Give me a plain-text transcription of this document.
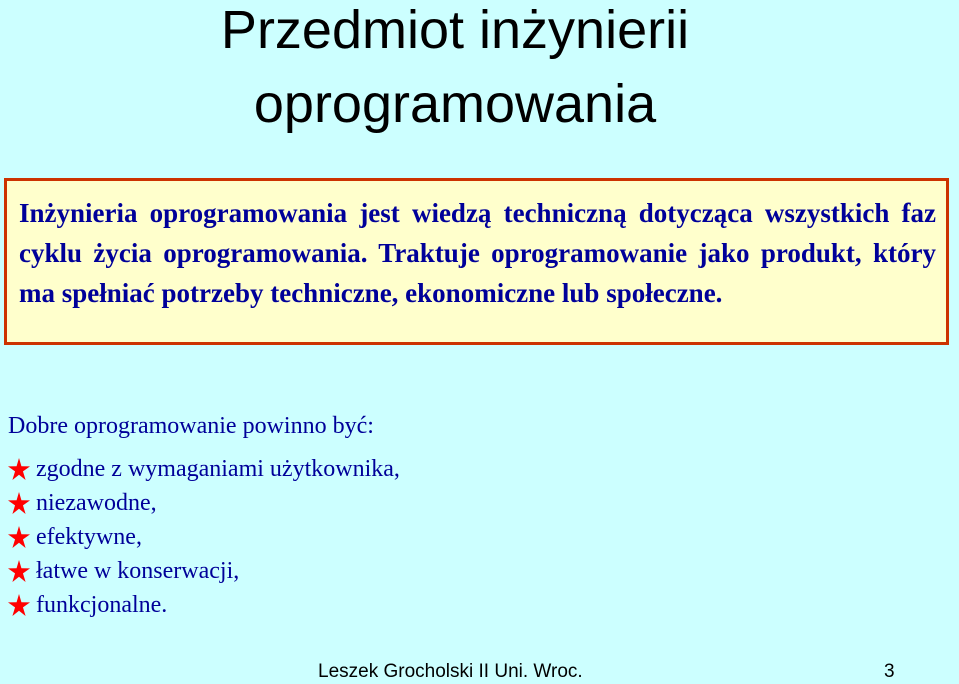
Przedmiot inżynierii
oprogramowania

Inżynieria oprogramowania jest wiedzą techniczną dotycząca wszystkich faz cyklu życia oprogramowania. Traktuje oprogramowanie jako produkt, który ma spełniać potrzeby techniczne, ekonomiczne lub społeczne.

Dobre oprogramowanie powinno być:

zgodne z wymaganiami użytkownika,
niezawodne,
efektywne,
łatwe w konserwacji,
funkcjonalne.
Leszek Grocholski II Uni. Wroc.	3
